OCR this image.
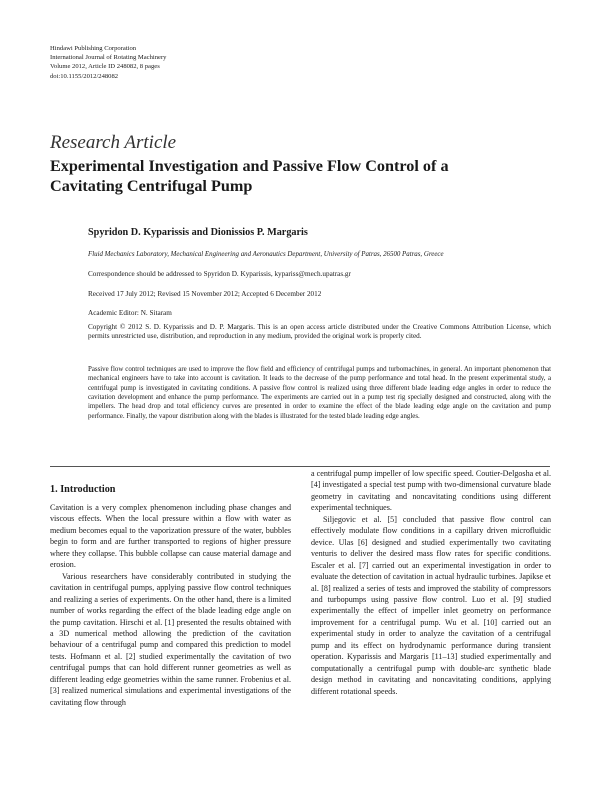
Hindawi Publishing Corporation
International Journal of Rotating Machinery
Volume 2012, Article ID 248082, 8 pages
doi:10.1155/2012/248082
Research Article
Experimental Investigation and Passive Flow Control of a Cavitating Centrifugal Pump
Spyridon D. Kyparissis and Dionissios P. Margaris
Fluid Mechanics Laboratory, Mechanical Engineering and Aeronautics Department, University of Patras, 26500 Patras, Greece
Correspondence should be addressed to Spyridon D. Kyparissis, kypariss@mech.upatras.gr
Received 17 July 2012; Revised 15 November 2012; Accepted 6 December 2012
Academic Editor: N. Sitaram
Copyright © 2012 S. D. Kyparissis and D. P. Margaris. This is an open access article distributed under the Creative Commons Attribution License, which permits unrestricted use, distribution, and reproduction in any medium, provided the original work is properly cited.
Passive flow control techniques are used to improve the flow field and efficiency of centrifugal pumps and turbomachines, in general. An important phenomenon that mechanical engineers have to take into account is cavitation. It leads to the decrease of the pump performance and total head. In the present experimental study, a centrifugal pump is investigated in cavitating conditions. A passive flow control is realized using three different blade leading edge angles in order to reduce the cavitation development and enhance the pump performance. The experiments are carried out in a pump test rig specially designed and constructed, along with the impellers. The head drop and total efficiency curves are presented in order to examine the effect of the blade leading edge angle on the cavitation and pump performance. Finally, the vapour distribution along with the blades is illustrated for the tested blade leading edge angles.
1. Introduction

Cavitation is a very complex phenomenon including phase changes and viscous effects. When the local pressure within a flow with water as medium becomes equal to the vaporization pressure of the water, bubbles begin to form and are further transported to regions of higher pressure where they collapse. This bubble collapse can cause material damage and erosion.

Various researchers have considerably contributed in studying the cavitation in centrifugal pumps, applying passive flow control techniques and realizing a series of experiments. On the other hand, there is a limited number of works regarding the effect of the blade leading edge angle on the pump cavitation. Hirschi et al. [1] presented the results obtained with a 3D numerical method allowing the prediction of the cavitation behaviour of a centrifugal pump and compared this prediction to model tests. Hofmann et al. [2] studied experimentally the cavitation of two centrifugal pumps that can hold different runner geometries as well as different leading edge geometries within the same runner. Frobenius et al. [3] realized numerical simulations and experimental investigations of the cavitating flow through

a centrifugal pump impeller of low specific speed. Coutier-Delgosha et al. [4] investigated a special test pump with two-dimensional curvature blade geometry in cavitating and noncavitating conditions using different experimental techniques.

Siljegovic et al. [5] concluded that passive flow control can effectively modulate flow conditions in a capillary driven microfluidic device. Ulas [6] designed and studied experimentally two cavitating venturis to deliver the desired mass flow rates for specific conditions. Escaler et al. [7] carried out an experimental investigation in order to evaluate the detection of cavitation in actual hydraulic turbines. Japikse et al. [8] realized a series of tests and improved the stability of compressors and turbopumps using passive flow control. Luo et al. [9] studied experimentally the effect of impeller inlet geometry on performance improvement for a centrifugal pump. Wu et al. [10] carried out an experimental study in order to analyze the cavitation of a centrifugal pump and its effect on hydrodynamic performance during transient operation. Kyparissis and Margaris [11–13] studied experimentally and computationally a centrifugal pump with double-arc synthetic blade design method in cavitating and noncavitating conditions, applying different rotational speeds.
